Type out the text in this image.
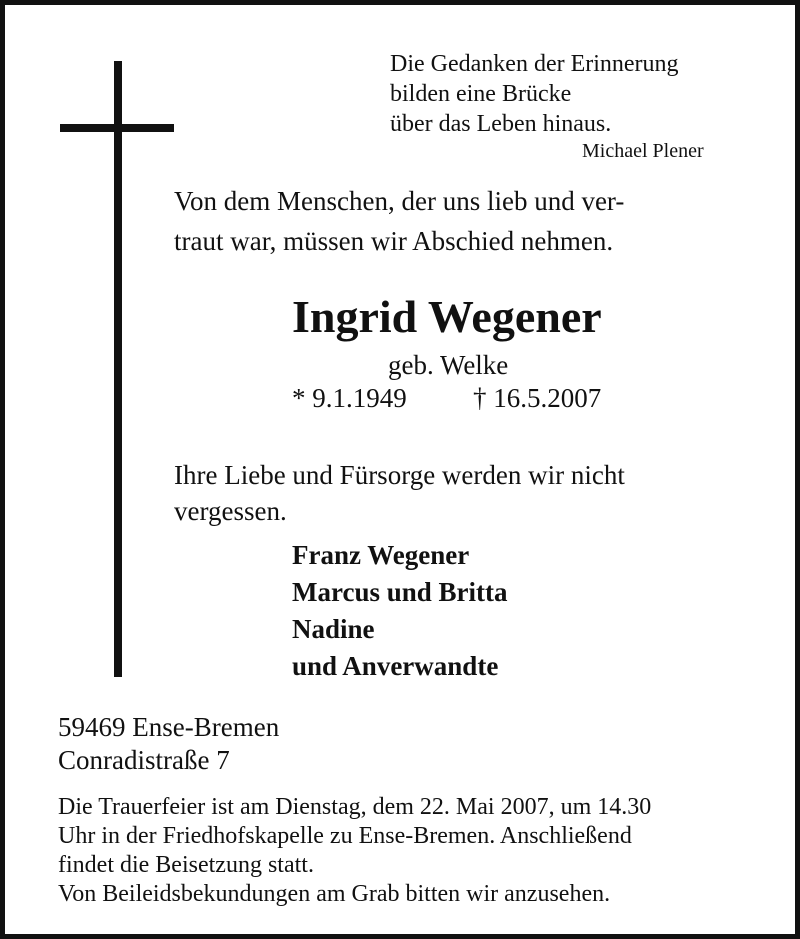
Die Gedanken der Erinnerung
bilden eine Brücke
über das Leben hinaus.
Michael Plener
Von dem Menschen, der uns lieb und ver-
traut war, müssen wir Abschied nehmen.
Ingrid Wegener
geb. Welke
* 9.1.1949 † 16.5.2007
Ihre Liebe und Fürsorge werden wir nicht
vergessen.
Franz Wegener
Marcus und Britta
Nadine
und Anverwandte
59469 Ense-Bremen
Conradistraße 7
Die Trauerfeier ist am Dienstag, dem 22. Mai 2007, um 14.30
Uhr in der Friedhofskapelle zu Ense-Bremen. Anschließend
findet die Beisetzung statt.
Von Beileidsbekundungen am Grab bitten wir anzusehen.
